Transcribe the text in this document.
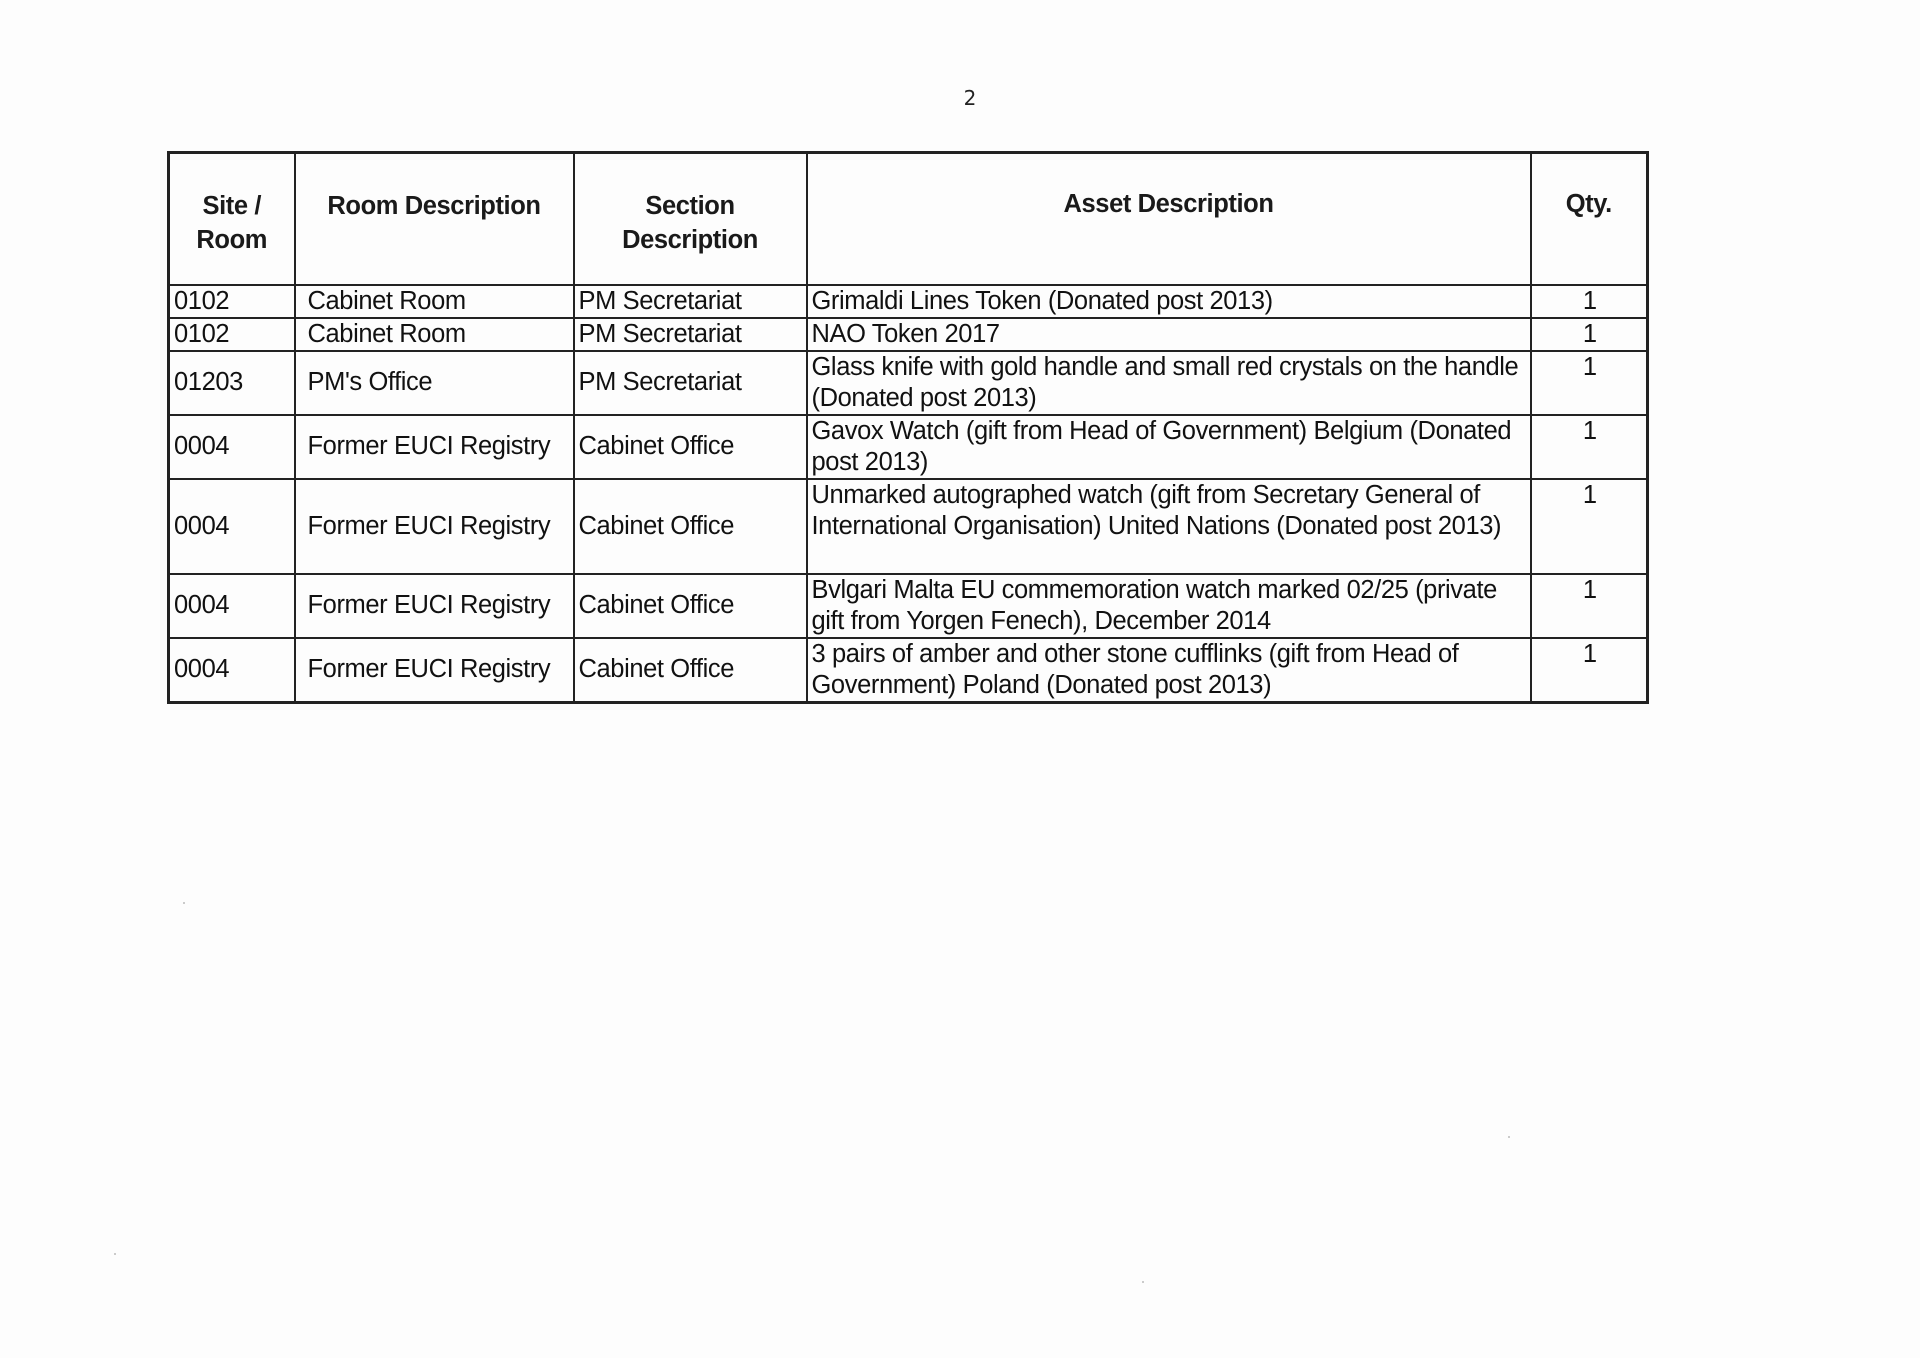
2
Site / Room	Room Description	Section Description	Asset Description	Qty.
0102	Cabinet Room	PM Secretariat	Grimaldi Lines Token (Donated post 2013)	1
0102	Cabinet Room	PM Secretariat	NAO Token 2017	1
01203	PM's Office	PM Secretariat	Glass knife with gold handle and small red crystals on the handle (Donated post 2013)	1
0004	Former EUCI Registry	Cabinet Office	Gavox Watch (gift from Head of Government) Belgium (Donated post 2013)	1
0004	Former EUCI Registry	Cabinet Office	Unmarked autographed watch (gift from Secretary General of International Organisation) United Nations (Donated post 2013)	1
0004	Former EUCI Registry	Cabinet Office	Bvlgari Malta EU commemoration watch marked 02/25 (private gift from Yorgen Fenech), December 2014	1
0004	Former EUCI Registry	Cabinet Office	3 pairs of amber and other stone cufflinks (gift from Head of Government) Poland (Donated post 2013)	1
